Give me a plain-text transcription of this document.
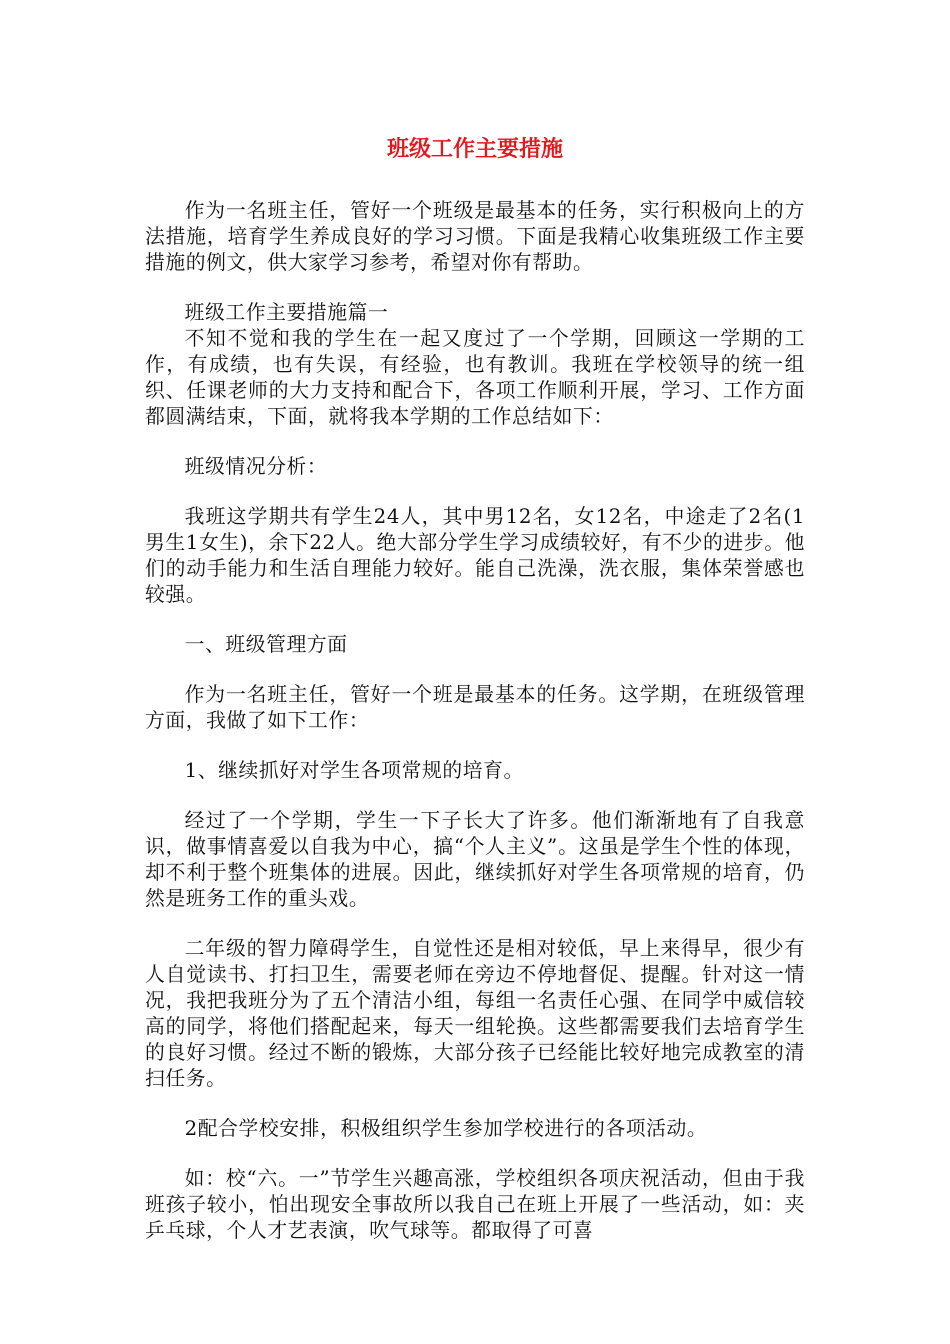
班级工作主要措施

作为一名班主任，管好一个班级是最基本的任务，实行积极向上的方法措施，培育学生养成良好的学习习惯。下面是我精心收集班级工作主要措施的例文，供大家学习参考，希望对你有帮助。

班级工作主要措施篇一

不知不觉和我的学生在一起又度过了一个学期，回顾这一学期的工作，有成绩，也有失误，有经验，也有教训。我班在学校领导的统一组织、任课老师的大力支持和配合下，各项工作顺利开展，学习、工作方面都圆满结束，下面，就将我本学期的工作总结如下：

班级情况分析：

我班这学期共有学生24人，其中男12名，女12名，中途走了2名(1男生1女生)，余下22人。绝大部分学生学习成绩较好，有不少的进步。他们的动手能力和生活自理能力较好。能自己洗澡，洗衣服，集体荣誉感也较强。

一、班级管理方面

作为一名班主任，管好一个班是最基本的任务。这学期，在班级管理方面，我做了如下工作：

1、继续抓好对学生各项常规的培育。

经过了一个学期，学生一下子长大了许多。他们渐渐地有了自我意识，做事情喜爱以自我为中心，搞“个人主义”。这虽是学生个性的体现，却不利于整个班集体的进展。因此，继续抓好对学生各项常规的培育，仍然是班务工作的重头戏。

二年级的智力障碍学生，自觉性还是相对较低，早上来得早，很少有人自觉读书、打扫卫生，需要老师在旁边不停地督促、提醒。针对这一情况，我把我班分为了五个清洁小组，每组一名责任心强、在同学中威信较高的同学，将他们搭配起来，每天一组轮换。这些都需要我们去培育学生的良好习惯。经过不断的锻炼，大部分孩子已经能比较好地完成教室的清扫任务。

2配合学校安排，积极组织学生参加学校进行的各项活动。

如：校“六。一”节学生兴趣高涨，学校组织各项庆祝活动，但由于我班孩子较小，怕出现安全事故所以我自己在班上开展了一些活动，如：夹乒乓球，个人才艺表演，吹气球等。都取得了可喜
